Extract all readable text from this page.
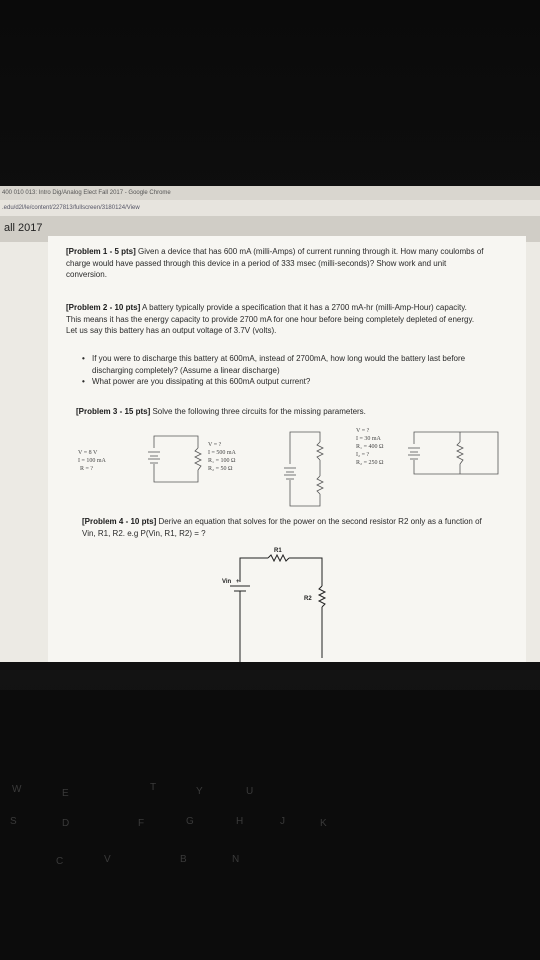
400 010 013: Intro Dig/Analog Elect Fall 2017 - Google Chrome
.edu/d2l/le/content/227813/fullscreen/3180124/View
all 2017
[Problem 1 - 5 pts] Given a device that has 600 mA (milli-Amps) of current running through it. How many coulombs of charge would have passed through this device in a period of 333 msec (milli-seconds)? Show work and unit conversion.
[Problem 2 - 10 pts] A battery typically provide a specification that it has a 2700 mA-hr (milli-Amp-Hour) capacity. This means it has the energy capacity to provide 2700 mA for one hour before being completely depleted of energy. Let us say this battery has an output voltage of 3.7V (volts).
• If you were to discharge this battery at 600mA, instead of 2700mA, how long would the battery last before discharging completely? (Assume a linear discharge)
• What power are you dissipating at this 600mA output current?
[Problem 3 - 15 pts] Solve the following three circuits for the missing parameters.
V = 8 V
I = 100 mA
R = ?
V = ?
I = 500 mA
R₁ = 100 Ω
R₂ = 50 Ω
V = ?
I = 30 mA
R₁ = 400 Ω
I₂ = ?
R₂ = 250 Ω
[Problem 4 - 10 pts] Derive an equation that solves for the power on the second resistor R2 only as a function of Vin, R1, R2. e.g P(Vin, R1, R2) = ?
R1
Vin +
R2
W	E
T	Y	U
S	D	F	G	H	J	K
C	V	B	N
